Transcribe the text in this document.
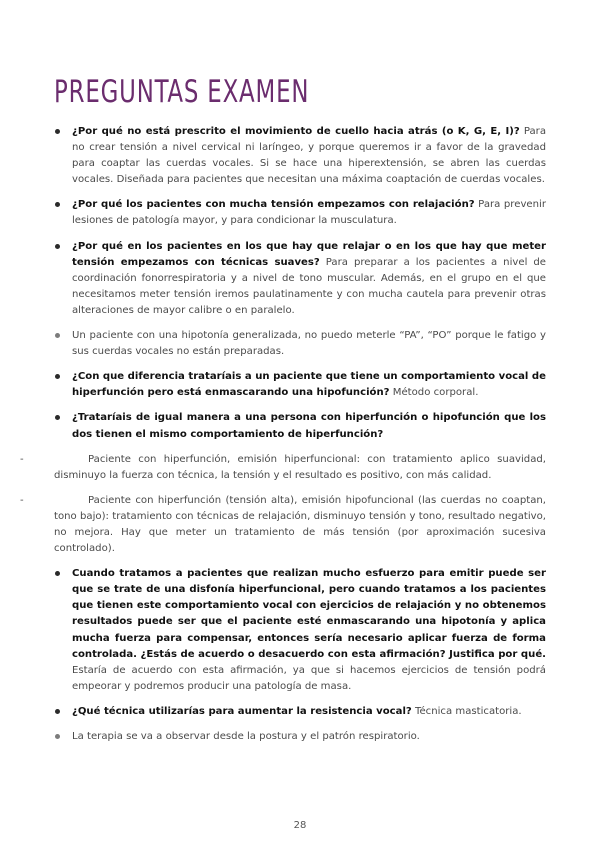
PREGUNTAS EXAMEN
¿Por qué no está prescrito el movimiento de cuello hacia atrás (o K, G, E, I)? Para no crear tensión a nivel cervical ni laríngeo, y porque queremos ir a favor de la gravedad para coaptar las cuerdas vocales. Si se hace una hiperextensión, se abren las cuerdas vocales. Diseñada para pacientes que necesitan una máxima coaptación de cuerdas vocales.
¿Por qué los pacientes con mucha tensión empezamos con relajación? Para prevenir lesiones de patología mayor, y para condicionar la musculatura.
¿Por qué en los pacientes en los que hay que relajar o en los que hay que meter tensión empezamos con técnicas suaves? Para preparar a los pacientes a nivel de coordinación fonorrespiratoria y a nivel de tono muscular. Además, en el grupo en el que necesitamos meter tensión iremos paulatinamente y con mucha cautela para prevenir otras alteraciones de mayor calibre o en paralelo.
Un paciente con una hipotonía generalizada, no puedo meterle “PA”, “PO” porque le fatigo y sus cuerdas vocales no están preparadas.
¿Con que diferencia trataríais a un paciente que tiene un comportamiento vocal de hiperfunción pero está enmascarando una hipofunción? Método corporal.
¿Trataríais de igual manera a una persona con hiperfunción o hipofunción que los dos tienen el mismo comportamiento de hiperfunción?
-	Paciente con hiperfunción, emisión hiperfuncional: con tratamiento aplico suavidad, disminuyo la fuerza con técnica, la tensión y el resultado es positivo, con más calidad.
-	Paciente con hiperfunción (tensión alta), emisión hipofuncional (las cuerdas no coaptan, tono bajo): tratamiento con técnicas de relajación, disminuyo tensión y tono, resultado negativo, no mejora. Hay que meter un tratamiento de más tensión (por aproximación sucesiva controlado).
Cuando tratamos a pacientes que realizan mucho esfuerzo para emitir puede ser que se trate de una disfonía hiperfuncional, pero cuando tratamos a los pacientes que tienen este comportamiento vocal con ejercicios de relajación y no obtenemos resultados puede ser que el paciente esté enmascarando una hipotonía y aplica mucha fuerza para compensar, entonces sería necesario aplicar fuerza de forma controlada. ¿Estás de acuerdo o desacuerdo con esta afirmación? Justifica por qué. Estaría de acuerdo con esta afirmación, ya que si hacemos ejercicios de tensión podrá empeorar y podremos producir una patología de masa.
¿Qué técnica utilizarías para aumentar la resistencia vocal? Técnica masticatoria.
La terapia se va a observar desde la postura y el patrón respiratorio.
28
